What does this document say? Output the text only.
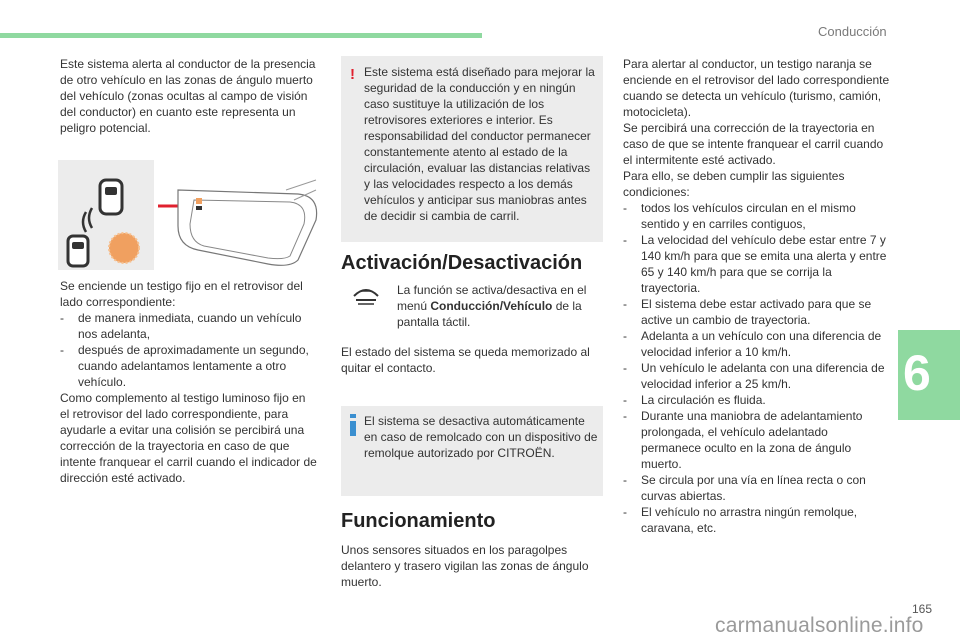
Conducción
Este sistema alerta al conductor de la presencia de otro vehículo en las zonas de ángulo muerto del vehículo (zonas ocultas al campo de visión del conductor) en cuanto este representa un peligro potencial.
Se enciende un testigo fijo en el retrovisor del lado correspondiente:
- de manera inmediata, cuando un vehículo nos adelanta,
- después de aproximadamente un segundo, cuando adelantamos lentamente a otro vehículo.
Como complemento al testigo luminoso fijo en el retrovisor del lado correspondiente, para ayudarle a evitar una colisión se percibirá una corrección de la trayectoria en caso de que intente franquear el carril cuando el indicador de dirección esté activado.
! Este sistema está diseñado para mejorar la seguridad de la conducción y en ningún caso sustituye la utilización de los retrovisores exteriores e interior. Es responsabilidad del conductor permanecer constantemente atento al estado de la circulación, evaluar las distancias relativas y las velocidades respecto a los demás vehículos y anticipar sus maniobras antes de decidir si cambia de carril.
Activación/Desactivación
La función se activa/desactiva en el menú Conducción/Vehículo de la pantalla táctil.
El estado del sistema se queda memorizado al quitar el contacto.
El sistema se desactiva automáticamente en caso de remolcado con un dispositivo de remolque autorizado por CITROËN.
Funcionamiento
Unos sensores situados en los paragolpes delantero y trasero vigilan las zonas de ángulo muerto.
Para alertar al conductor, un testigo naranja se enciende en el retrovisor del lado correspondiente cuando se detecta un vehículo (turismo, camión, motocicleta).
Se percibirá una corrección de la trayectoria en caso de que se intente franquear el carril cuando el intermitente esté activado.
Para ello, se deben cumplir las siguientes condiciones:
- todos los vehículos circulan en el mismo sentido y en carriles contiguos,
- La velocidad del vehículo debe estar entre 7 y 140 km/h para que se emita una alerta y entre 65 y 140 km/h para que se corrija la trayectoria.
- El sistema debe estar activado para que se active un cambio de trayectoria.
- Adelanta a un vehículo con una diferencia de velocidad inferior a 10 km/h.
- Un vehículo le adelanta con una diferencia de velocidad inferior a 25 km/h.
- La circulación es fluida.
- Durante una maniobra de adelantamiento prolongada, el vehículo adelantado permanece oculto en la zona de ángulo muerto.
- Se circula por una vía en línea recta o con curvas abiertas.
- El vehículo no arrastra ningún remolque, caravana, etc.
6
165
carmanualsonline.info
